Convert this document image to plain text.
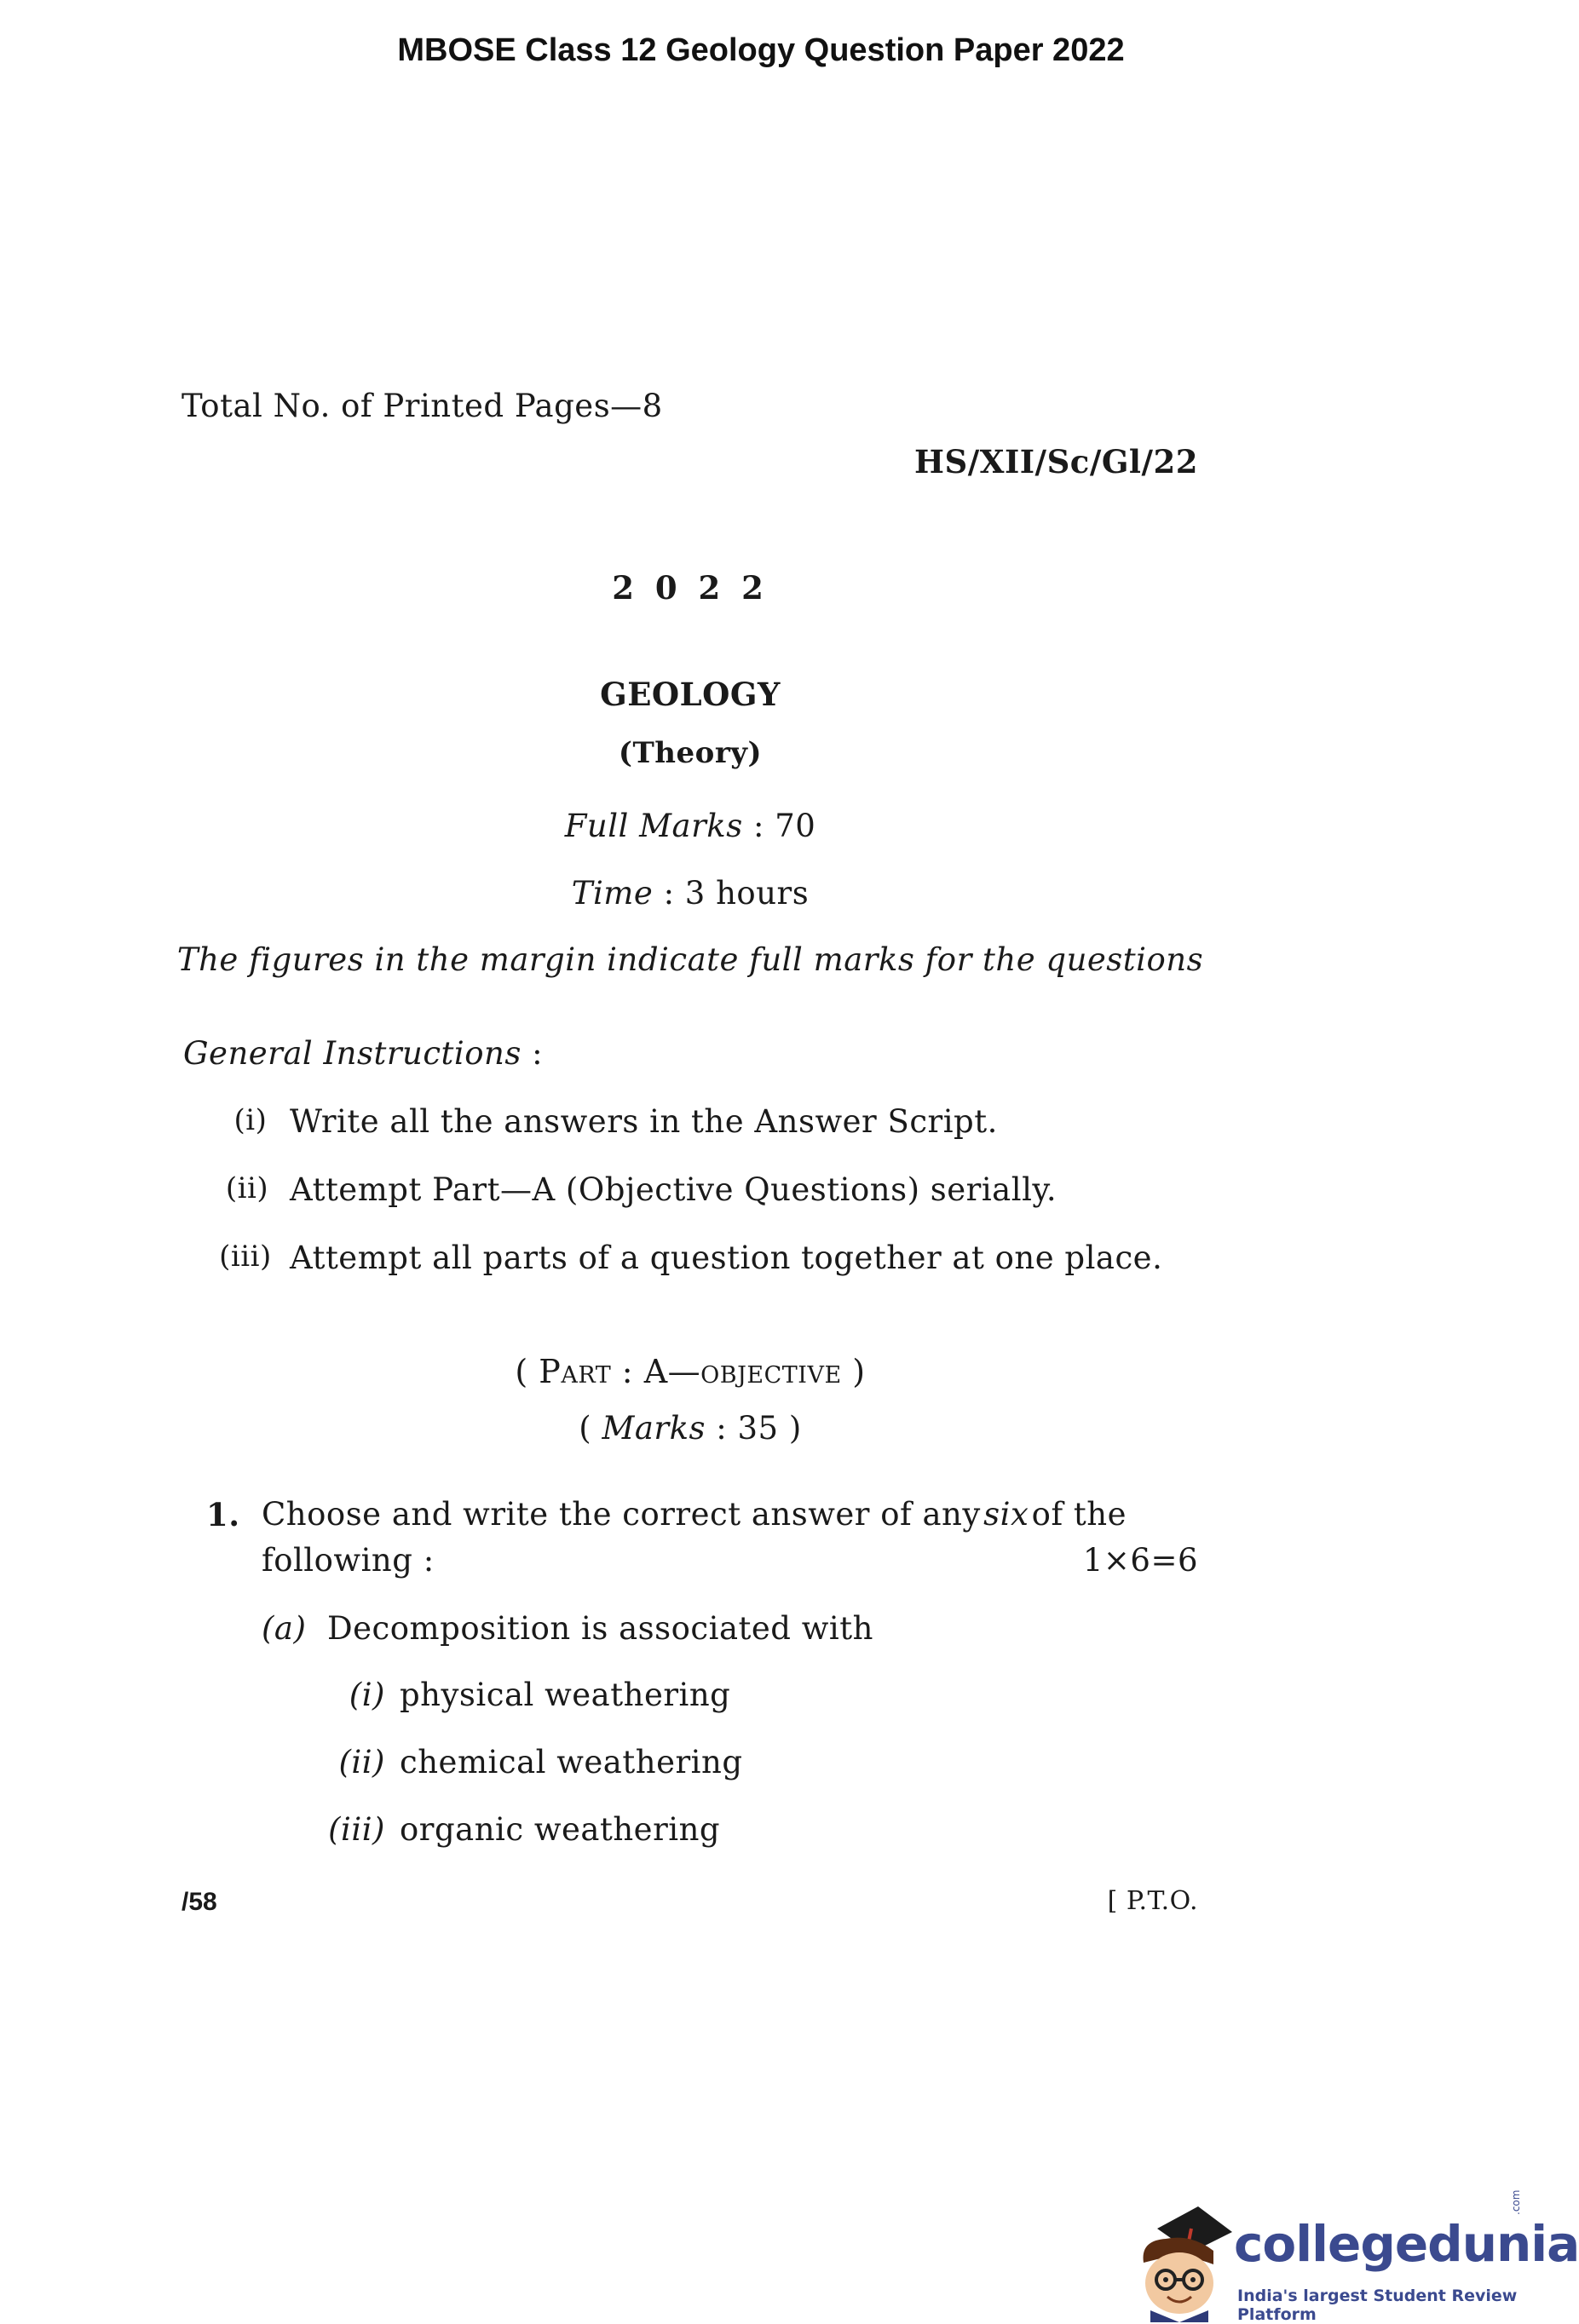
MBOSE Class 12 Geology Question Paper 2022
Total No. of Printed Pages—8
HS/XII/Sc/Gl/22
2 0 2 2
GEOLOGY
(Theory)
Full Marks : 70
Time : 3 hours
The figures in the margin indicate full marks for the questions
General Instructions :
(i) Write all the answers in the Answer Script.
(ii) Attempt Part—A (Objective Questions) serially.
(iii) Attempt all parts of a question together at one place.
( Part : A—objective )
( Marks : 35 )
1. Choose and write the correct answer of any six of the
following :	1×6=6
(a) Decomposition is associated with
(i) physical weathering
(ii) chemical weathering
(iii) organic weathering
/58	[ P.T.O.
collegedunia
.com
India's largest Student Review Platform
